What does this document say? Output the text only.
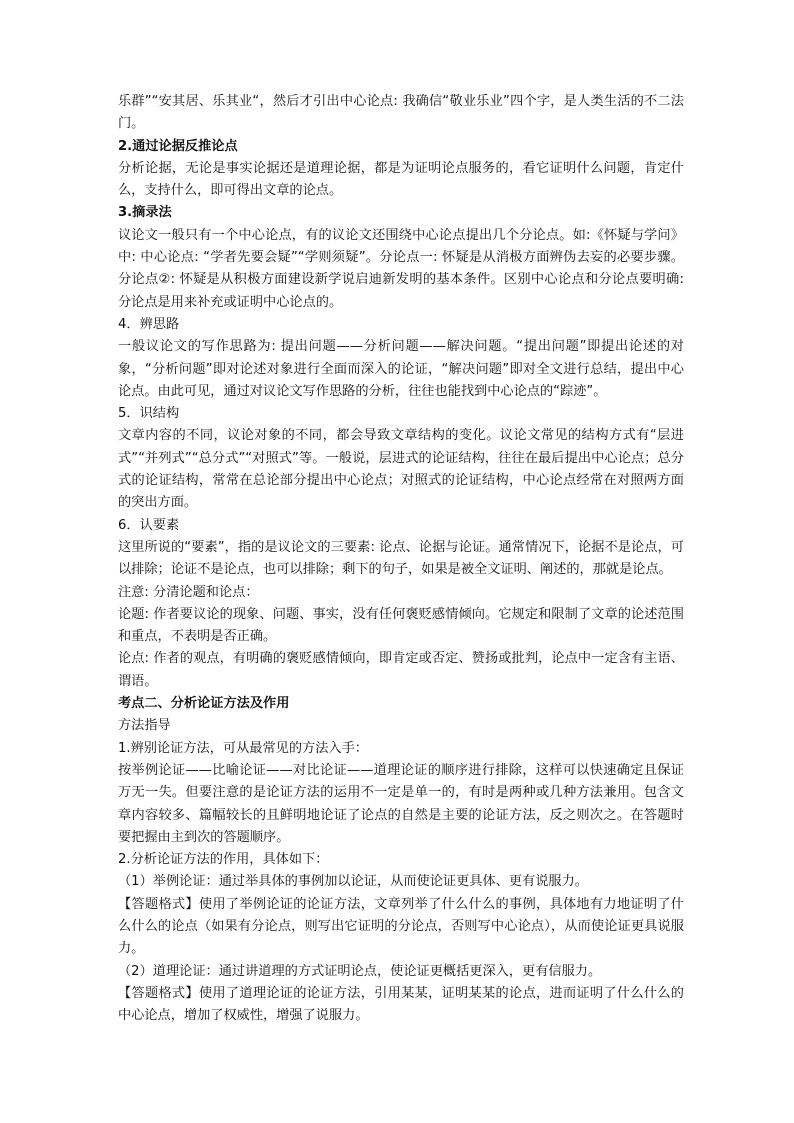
乐群”“安其居、乐其业“，然后才引出中心论点: 我确信“敬业乐业”四个字，是人类生活的不二法门。

2.通过论据反推论点

分析论据，无论是事实论据还是道理论据，都是为证明论点服务的，看它证明什么问题，肯定什么，支持什么，即可得出文章的论点。

3.摘录法

议论文一般只有一个中心论点，有的议论文还围绕中心论点提出几个分论点。如:《怀疑与学问》中: 中心论点: “学者先要会疑”“学则须疑”。分论点一: 怀疑是从消极方面辨伪去妄的必要步骤。分论点②: 怀疑是从积极方面建设新学说启迪新发明的基本条件。区别中心论点和分论点要明确: 分论点是用来补充或证明中心论点的。

4．辨思路

一般议论文的写作思路为: 提出问题——分析问题——解决问题。“提出问题”即提出论述的对象，“分析问题”即对论述对象进行全面而深入的论证，“解决问题”即对全文进行总结，提出中心论点。由此可见，通过对议论文写作思路的分析，往往也能找到中心论点的“踪迹”。

5．识结构

文章内容的不同，议论对象的不同，都会导致文章结构的变化。议论文常见的结构方式有“层进式”“并列式”“总分式”“对照式”等。一般说，层进式的论证结构，往往在最后提出中心论点；总分式的论证结构，常常在总论部分提出中心论点；对照式的论证结构，中心论点经常在对照两方面的突出方面。

6．认要素

这里所说的“要素”，指的是议论文的三要素: 论点、论据与论证。通常情况下，论据不是论点，可以排除；论证不是论点，也可以排除；剩下的句子，如果是被全文证明、阐述的，那就是论点。

注意: 分清论题和论点：

论题: 作者要议论的现象、问题、事实，没有任何褒贬感情倾向。它规定和限制了文章的论述范围和重点，不表明是否正确。

论点: 作者的观点，有明确的褒贬感情倾向，即肯定或否定、赞扬或批判，论点中一定含有主语、谓语。

考点二、分析论证方法及作用

方法指导

1.辨别论证方法，可从最常见的方法入手：

按举例论证——比喻论证——对比论证——道理论证的顺序进行排除，这样可以快速确定且保证万无一失。但要注意的是论证方法的运用不一定是单一的，有时是两种或几种方法兼用。包含文章内容较多、篇幅较长的且鲜明地论证了论点的自然是主要的论证方法，反之则次之。在答题时要把握由主到次的答题顺序。

2.分析论证方法的作用，具体如下：

（1）举例论证：通过举具体的事例加以论证，从而使论证更具体、更有说服力。

【答题格式】使用了举例论证的论证方法，文章列举了什么什么的事例，具体地有力地证明了什么什么的论点（如果有分论点，则写出它证明的分论点，否则写中心论点），从而使论证更具说服力。

（2）道理论证：通过讲道理的方式证明论点，使论证更概括更深入，更有信服力。

【答题格式】使用了道理论证的论证方法，引用某某，证明某某的论点，进而证明了什么什么的中心论点，增加了权威性，增强了说服力。
